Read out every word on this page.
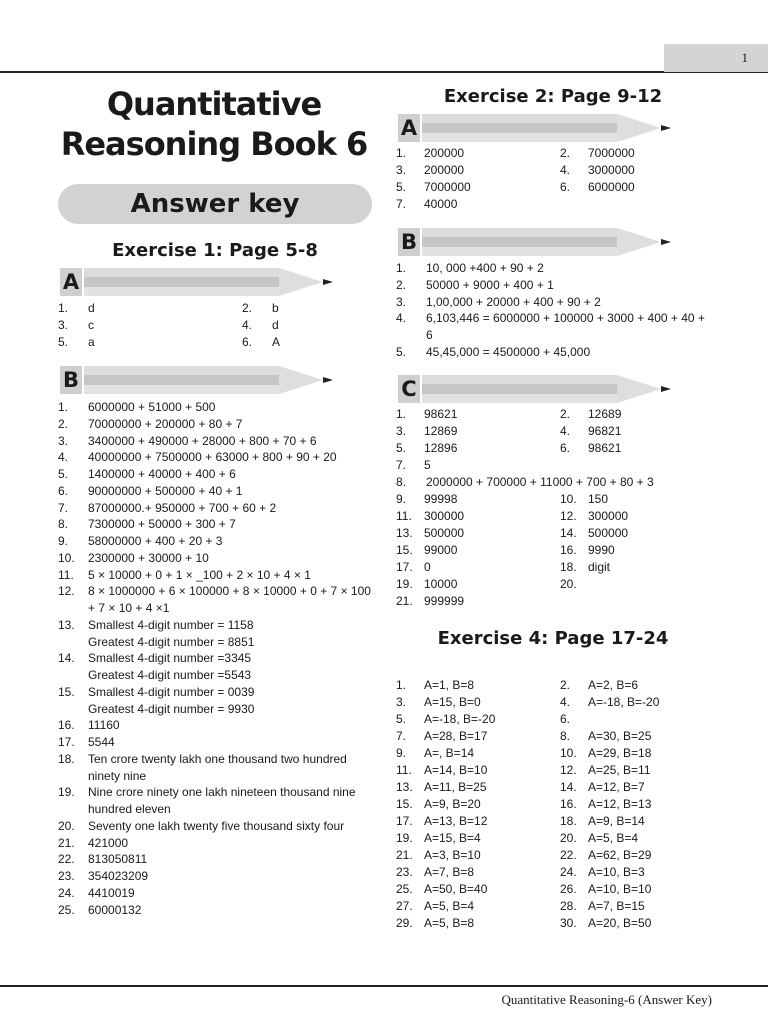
1
Quantitative Reasoning-6 (Answer Key)
Quantitative
Reasoning Book 6
Answer key
Exercise 1: Page 5-8
A
1.	d	2.	b
3.	c	4.	d
5.	a	6.	A
B
1.	6000000 + 51000 + 500
2.	70000000 + 200000 + 80 + 7
3.	3400000 + 490000 + 28000 + 800 + 70 + 6
4.	40000000 + 7500000 + 63000 + 800 + 90 + 20
5.	1400000 + 40000 + 400 + 6
6.	90000000 + 500000 + 40 + 1
7.	87000000.+ 950000 + 700 + 60 + 2
8.	7300000 + 50000 + 300 + 7
9.	58000000 + 400 + 20 + 3
10.	2300000 + 30000 + 10
11.	5 × 10000 + 0 + 1 × _100 + 2 × 10 + 4 × 1
12.	8 × 1000000 + 6 × 100000 + 8 × 10000 + 0 + 7 × 100 + 7 × 10 + 4 ×1
13.	Smallest 4-digit number = 1158
Greatest 4-digit number = 8851
14.	Smallest 4-digit number =3345
Greatest 4-digit number =5543
15.	Smallest 4-digit number = 0039
Greatest 4-digit number = 9930
16.	11160
17.	5544
18.	Ten crore twenty lakh one thousand two hundred ninety nine
19.	Nine crore ninety one lakh nineteen thousand nine hundred eleven
20.	Seventy one lakh twenty five thousand sixty four
21.	421000
22.	813050811
23.	354023209
24.	4410019
25.	60000132
Exercise 2: Page 9-12
A
1.	200000	2.	7000000
3.	200000	4.	3000000
5.	7000000	6.	6000000
7.	40000
B
1.	10, 000 +400 + 90 + 2
2.	50000 + 9000 + 400 + 1
3.	1,00,000 + 20000 + 400 + 90 + 2
4.	6,103,446 = 6000000 + 100000 + 3000 + 400 + 40 + 6
5.	45,45,000 = 4500000 + 45,000
C
1.	98621	2.	12689
3.	12869	4.	96821
5.	12896	6.	98621
7.	5
8.	2000000 + 700000 + 11000 + 700 + 80 + 3
9.	99998	10. 150
11.	300000	12. 300000
13. 500000	14. 500000
15. 99000	16. 9990
17. 0	18. digit
19. 10000	20.
21. 999999
Exercise 4: Page 17-24
1.	A=1, B=8	2.	A=2, B=6
3.	A=15, B=0	4.	A=-18, B=-20
5.	A=-18, B=-20	6.
7.	A=28, B=17	8.	A=30, B=25
9.	A=, B=14	10. A=29, B=18
11.	A=14, B=10	12. A=25, B=11
13. A=11, B=25	14. A=12, B=7
15. A=9, B=20	16. A=12, B=13
17. A=13, B=12	18. A=9, B=14
19. A=15, B=4	20. A=5, B=4
21. A=3, B=10	22. A=62, B=29
23. A=7, B=8	24. A=10, B=3
25. A=50, B=40	26. A=10, B=10
27. A=5, B=4	28. A=7, B=15
29. A=5, B=8	30. A=20, B=50
